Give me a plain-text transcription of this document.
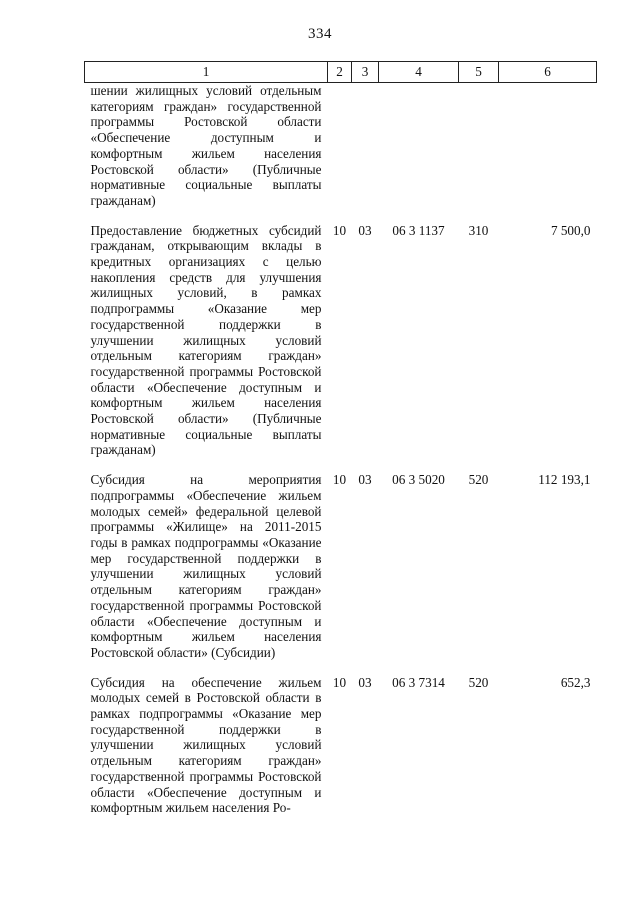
334
1	2	3	4	5	6
шении жилищных условий отдельным категориям граждан» государственной программы Ростовской области «Обеспечение доступным и комфортным жильем населения Ростовской области» (Публичные нормативные социальные выплаты гражданам)					
Предоставление бюджетных субсидий гражданам, открывающим вклады в кредитных организациях с целью накопления средств для улучшения жилищных условий, в рамках подпрограммы «Оказание мер государственной поддержки в улучшении жилищных условий отдельным категориям граждан» государственной программы Ростовской области «Обеспечение доступным и комфортным жильем населения Ростовской области» (Публичные нормативные социальные выплаты гражданам)	10	03	06 3 1137	310	7 500,0
Субсидия на мероприятия подпрограммы «Обеспечение жильем молодых семей» федеральной целевой программы «Жилище» на 2011-2015 годы в рамках подпрограммы «Оказание мер государственной поддержки в улучшении жилищных условий отдельным категориям граждан» государственной программы Ростовской области «Обеспечение доступным и комфортным жильем населения Ростовской области» (Субсидии)	10	03	06 3 5020	520	112 193,1
Субсидия на обеспечение жильем молодых семей в Ростовской области в рамках подпрограммы «Оказание мер государственной поддержки в улучшении жилищных условий отдельным категориям граждан» государственной программы Ростовской области «Обеспечение доступным и комфортным жильем населения Ро-	10	03	06 3 7314	520	652,3
